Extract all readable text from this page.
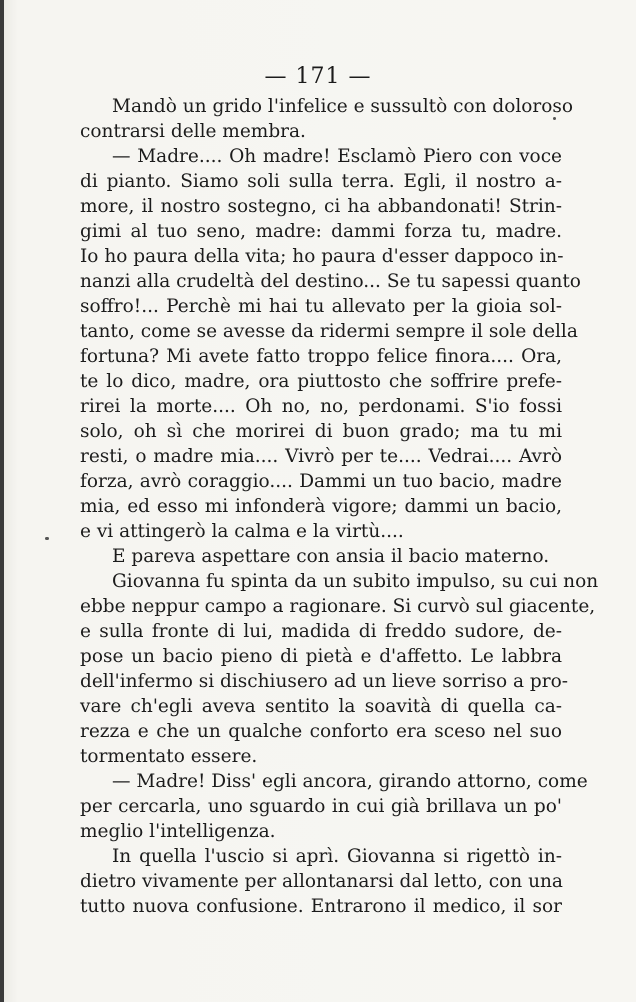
— 171 —
Mandò un grido l'infelice e sussultò con doloroso
contrarsi delle membra.
— Madre.... Oh madre! Esclamò Piero con voce
di pianto. Siamo soli sulla terra. Egli, il nostro a-
more, il nostro sostegno, ci ha abbandonati! Strin-
gimi al tuo seno, madre: dammi forza tu, madre.
Io ho paura della vita; ho paura d'esser dappoco in-
nanzi alla crudeltà del destino... Se tu sapessi quanto
soffro!... Perchè mi hai tu allevato per la gioia sol-
tanto, come se avesse da ridermi sempre il sole della
fortuna? Mi avete fatto troppo felice finora.... Ora,
te lo dico, madre, ora piuttosto che soffrire prefe-
rirei la morte.... Oh no, no, perdonami. S'io fossi
solo, oh sì che morirei di buon grado; ma tu mi
resti, o madre mia.... Vivrò per te.... Vedrai.... Avrò
forza, avrò coraggio.... Dammi un tuo bacio, madre
mia, ed esso mi infonderà vigore; dammi un bacio,
e vi attingerò la calma e la virtù....
E pareva aspettare con ansia il bacio materno.
Giovanna fu spinta da un subito impulso, su cui non
ebbe neppur campo a ragionare. Si curvò sul giacente,
e sulla fronte di lui, madida di freddo sudore, de-
pose un bacio pieno di pietà e d'affetto. Le labbra
dell'infermo si dischiusero ad un lieve sorriso a pro-
vare ch'egli aveva sentito la soavità di quella ca-
rezza e che un qualche conforto era sceso nel suo
tormentato essere.
— Madre! Diss' egli ancora, girando attorno, come
per cercarla, uno sguardo in cui già brillava un po'
meglio l'intelligenza.
In quella l'uscio si aprì. Giovanna si rigettò in-
dietro vivamente per allontanarsi dal letto, con una
tutto nuova confusione. Entrarono il medico, il sor
